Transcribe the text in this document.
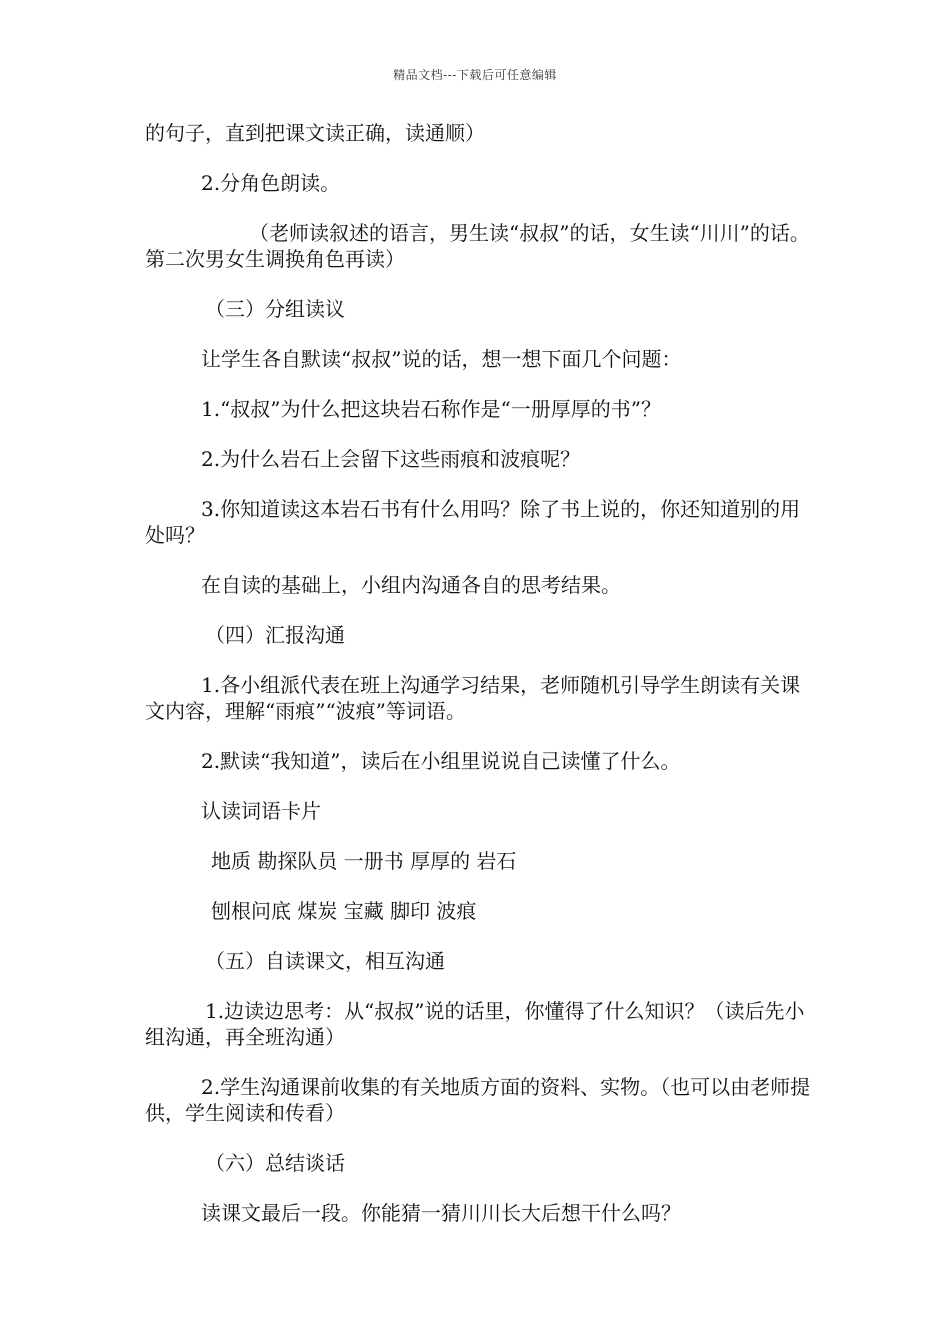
精品文档---下载后可任意编辑

的句子，直到把课文读正确，读通顺）

2.分角色朗读。

（老师读叙述的语言，男生读“叔叔”的话，女生读“川川”的话。第二次男女生调换角色再读）

（三）分组读议

让学生各自默读“叔叔”说的话，想一想下面几个问题：

1.“叔叔”为什么把这块岩石称作是“一册厚厚的书”？

2.为什么岩石上会留下这些雨痕和波痕呢？

3.你知道读这本岩石书有什么用吗？除了书上说的，你还知道别的用处吗？

在自读的基础上，小组内沟通各自的思考结果。

（四）汇报沟通

1.各小组派代表在班上沟通学习结果，老师随机引导学生朗读有关课文内容，理解“雨痕”“波痕”等词语。

2.默读“我知道”，读后在小组里说说自己读懂了什么。

认读词语卡片

地质 勘探队员 一册书 厚厚的 岩石

刨根问底 煤炭 宝藏 脚印 波痕

（五）自读课文，相互沟通

1.边读边思考：从“叔叔”说的话里，你懂得了什么知识？（读后先小组沟通，再全班沟通）

2.学生沟通课前收集的有关地质方面的资料、实物。（也可以由老师提供，学生阅读和传看）

（六）总结谈话

读课文最后一段。你能猜一猜川川长大后想干什么吗？
